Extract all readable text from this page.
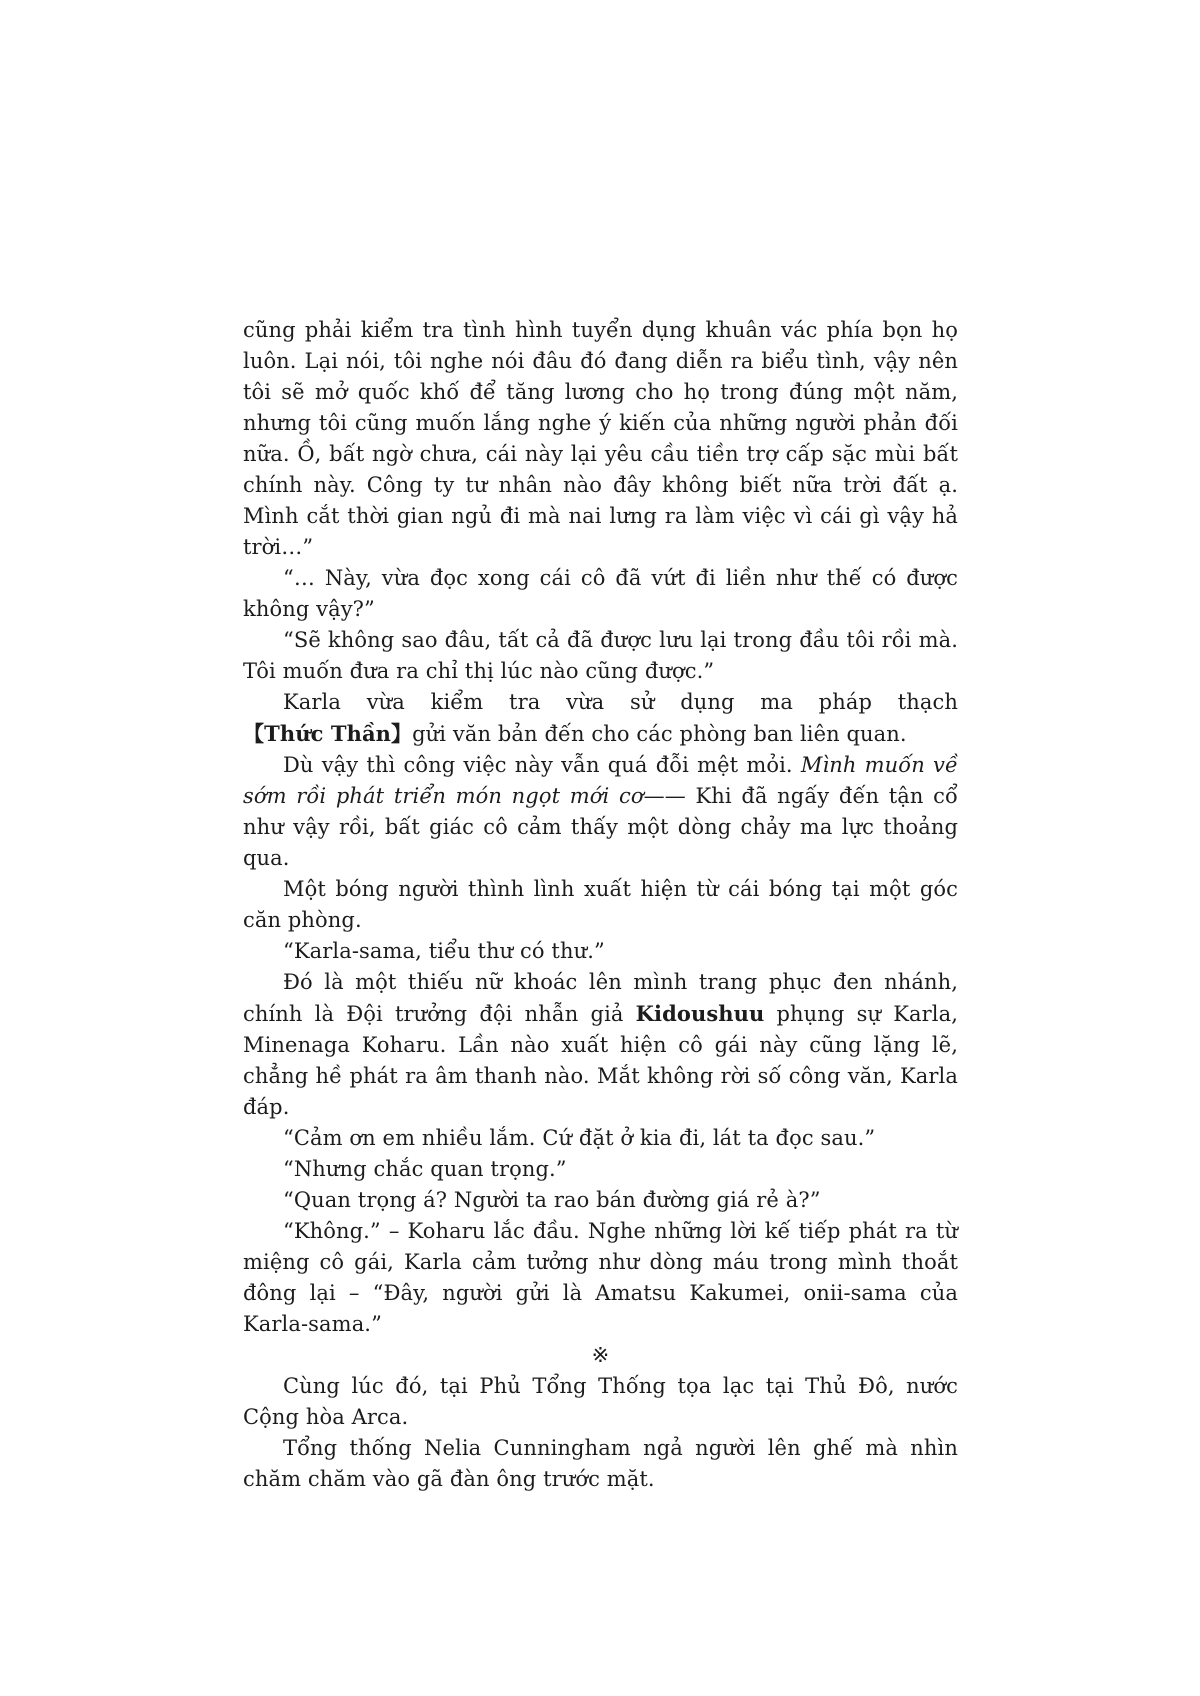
cũng phải kiểm tra tình hình tuyển dụng khuân vác phía bọn họ luôn. Lại nói, tôi nghe nói đâu đó đang diễn ra biểu tình, vậy nên tôi sẽ mở quốc khố để tăng lương cho họ trong đúng một năm, nhưng tôi cũng muốn lắng nghe ý kiến của những người phản đối nữa. Ồ, bất ngờ chưa, cái này lại yêu cầu tiền trợ cấp sặc mùi bất chính này. Công ty tư nhân nào đây không biết nữa trời đất ạ. Mình cắt thời gian ngủ đi mà nai lưng ra làm việc vì cái gì vậy hả trời…”

“… Này, vừa đọc xong cái cô đã vứt đi liền như thế có được không vậy?”

“Sẽ không sao đâu, tất cả đã được lưu lại trong đầu tôi rồi mà. Tôi muốn đưa ra chỉ thị lúc nào cũng được.”

Karla vừa kiểm tra vừa sử dụng ma pháp thạch 【Thức Thần】gửi văn bản đến cho các phòng ban liên quan.

Dù vậy thì công việc này vẫn quá đỗi mệt mỏi. Mình muốn về sớm rồi phát triển món ngọt mới cơ—— Khi đã ngấy đến tận cổ như vậy rồi, bất giác cô cảm thấy một dòng chảy ma lực thoảng qua.

Một bóng người thình lình xuất hiện từ cái bóng tại một góc căn phòng.

“Karla-sama, tiểu thư có thư.”

Đó là một thiếu nữ khoác lên mình trang phục đen nhánh, chính là Đội trưởng đội nhẫn giả Kidoushuu phụng sự Karla, Minenaga Koharu. Lần nào xuất hiện cô gái này cũng lặng lẽ, chẳng hề phát ra âm thanh nào. Mắt không rời số công văn, Karla đáp.

“Cảm ơn em nhiều lắm. Cứ đặt ở kia đi, lát ta đọc sau.”

“Nhưng chắc quan trọng.”

“Quan trọng á? Người ta rao bán đường giá rẻ à?”

“Không.” – Koharu lắc đầu. Nghe những lời kế tiếp phát ra từ miệng cô gái, Karla cảm tưởng như dòng máu trong mình thoắt đông lại – “Đây, người gửi là Amatsu Kakumei, onii-sama của Karla-sama.”

※

Cùng lúc đó, tại Phủ Tổng Thống tọa lạc tại Thủ Đô, nước Cộng hòa Arca.

Tổng thống Nelia Cunningham ngả người lên ghế mà nhìn chăm chăm vào gã đàn ông trước mặt.
